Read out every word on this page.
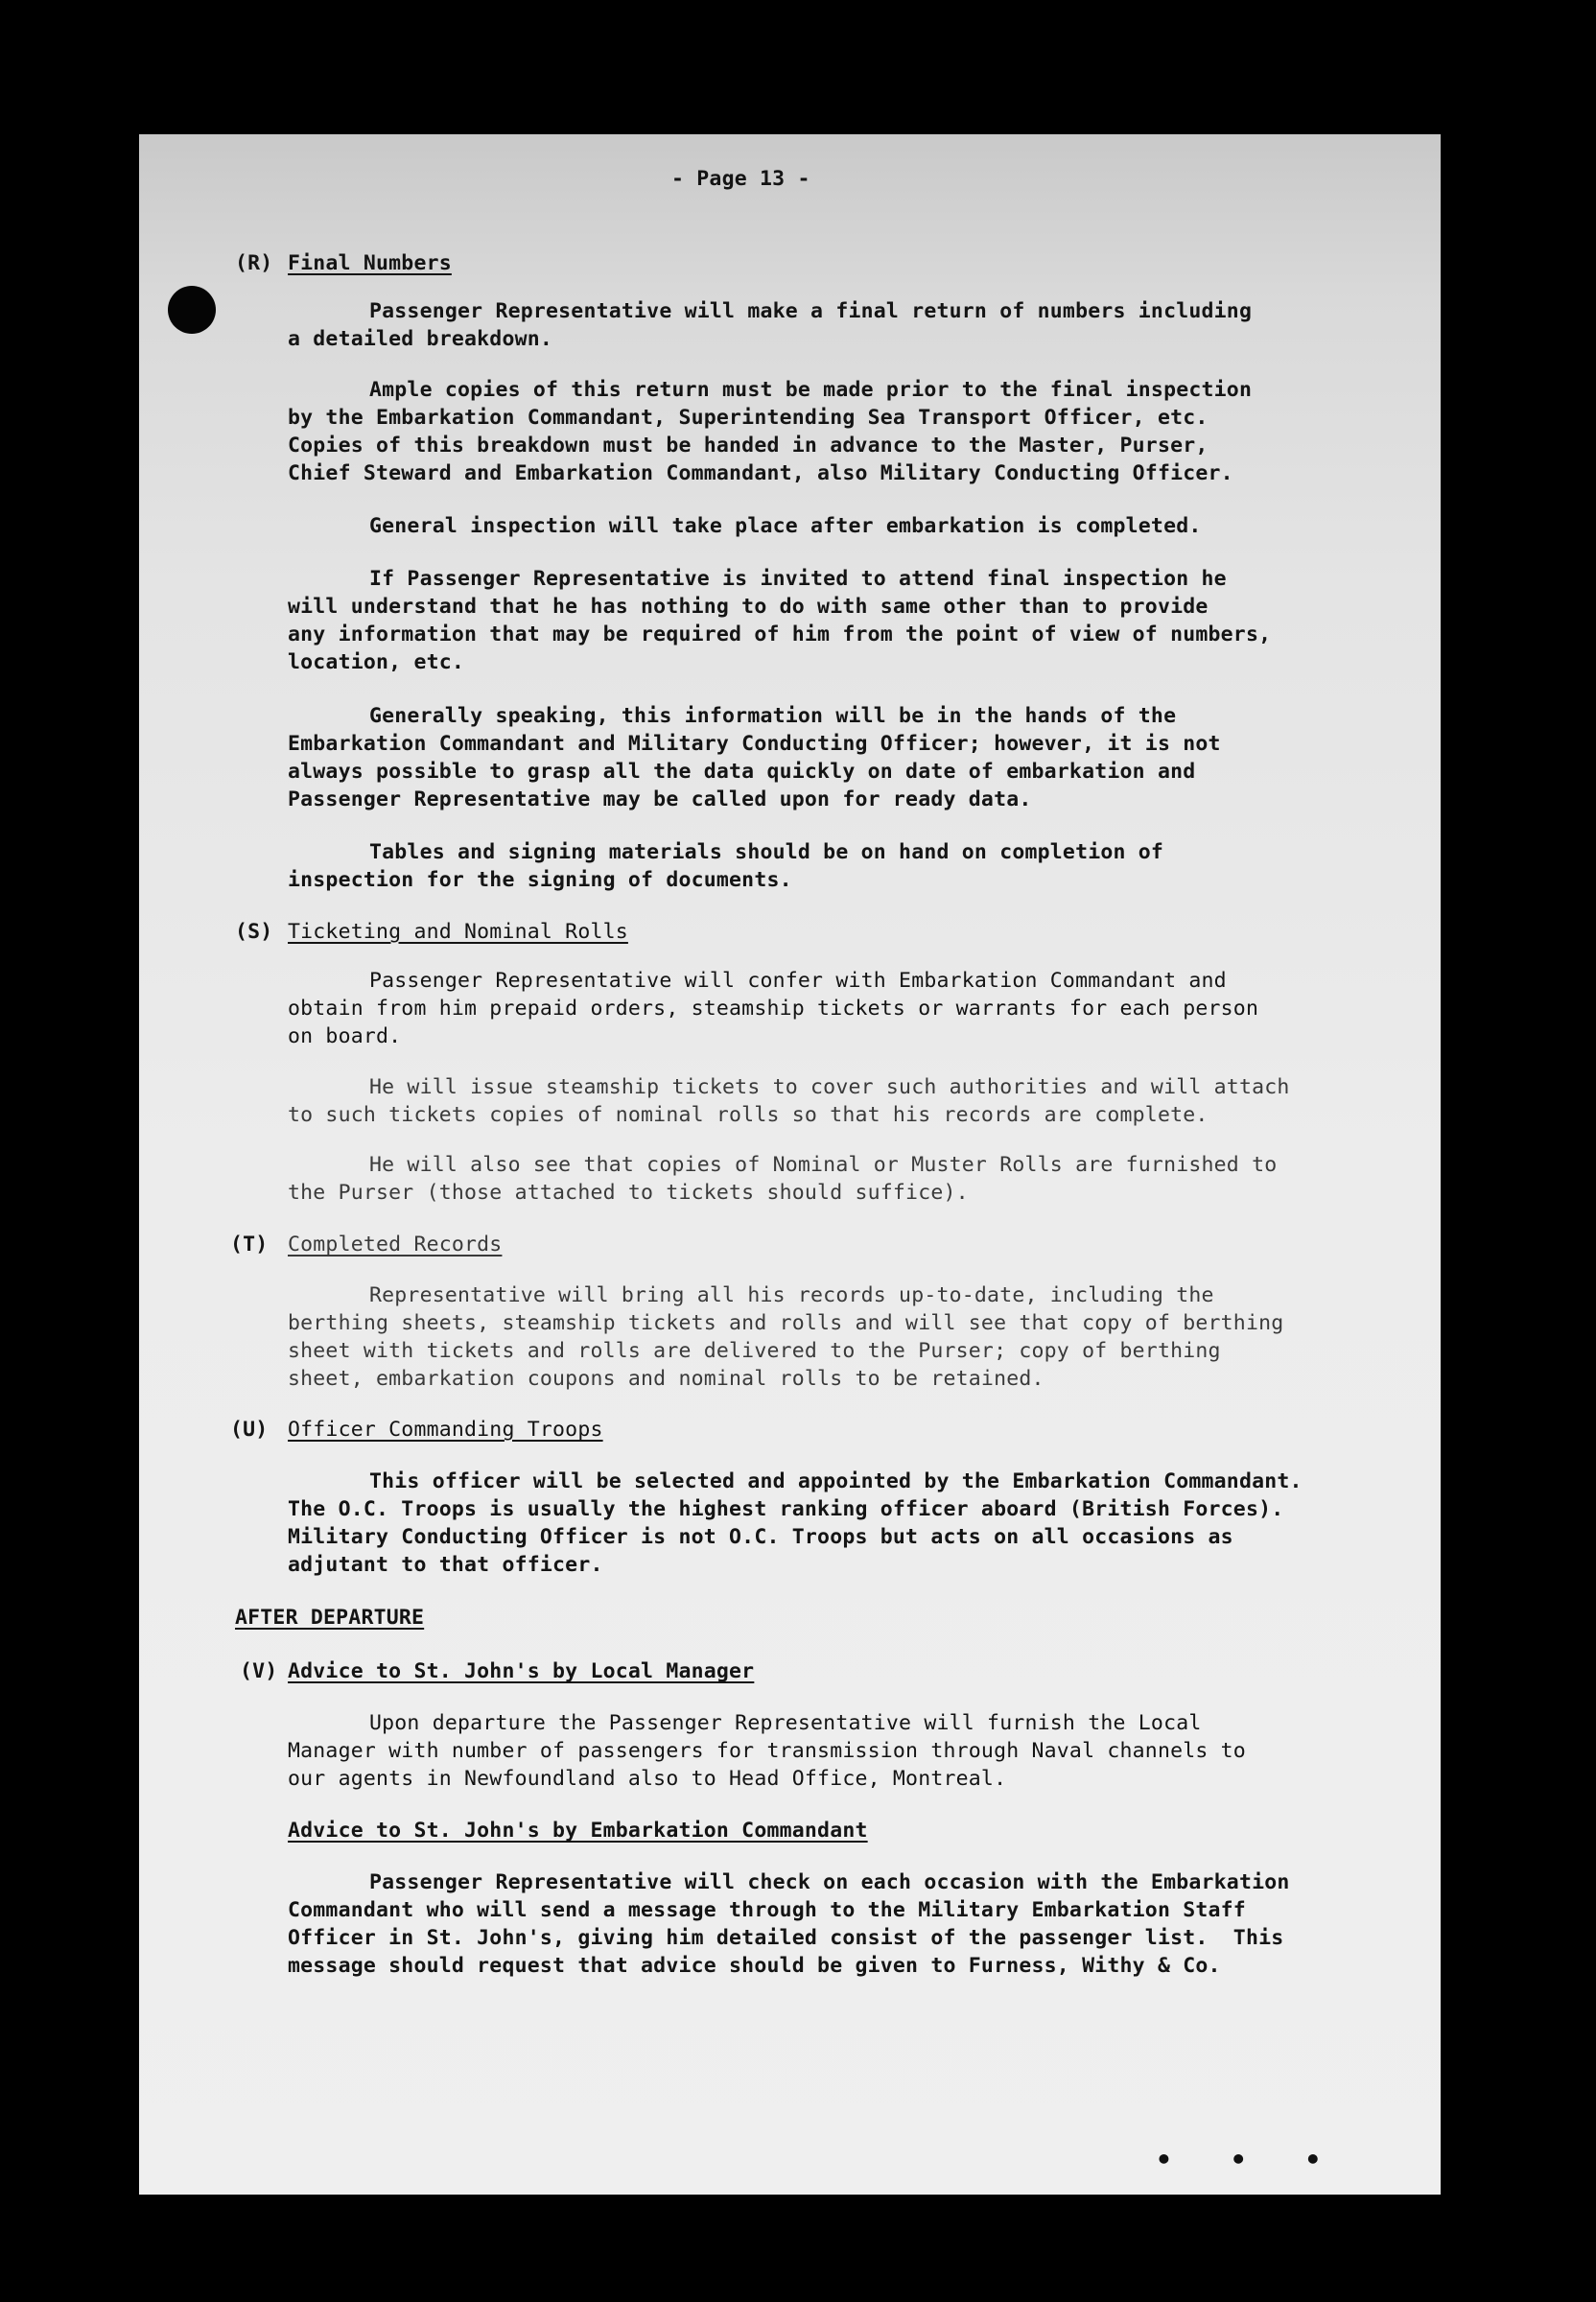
- Page 13 -
(R) Final Numbers
Passenger Representative will make a final return of numbers including
a detailed breakdown.
Ample copies of this return must be made prior to the final inspection
by the Embarkation Commandant, Superintending Sea Transport Officer, etc.
Copies of this breakdown must be handed in advance to the Master, Purser,
Chief Steward and Embarkation Commandant, also Military Conducting Officer.
General inspection will take place after embarkation is completed.
If Passenger Representative is invited to attend final inspection he
will understand that he has nothing to do with same other than to provide
any information that may be required of him from the point of view of numbers,
location, etc.
Generally speaking, this information will be in the hands of the
Embarkation Commandant and Military Conducting Officer; however, it is not
always possible to grasp all the data quickly on date of embarkation and
Passenger Representative may be called upon for ready data.
Tables and signing materials should be on hand on completion of
inspection for the signing of documents.
(S) Ticketing and Nominal Rolls
Passenger Representative will confer with Embarkation Commandant and
obtain from him prepaid orders, steamship tickets or warrants for each person
on board.
He will issue steamship tickets to cover such authorities and will attach
to such tickets copies of nominal rolls so that his records are complete.
He will also see that copies of Nominal or Muster Rolls are furnished to
the Purser (those attached to tickets should suffice).
(T) Completed Records
Representative will bring all his records up-to-date, including the
berthing sheets, steamship tickets and rolls and will see that copy of berthing
sheet with tickets and rolls are delivered to the Purser; copy of berthing
sheet, embarkation coupons and nominal rolls to be retained.
(U) Officer Commanding Troops
This officer will be selected and appointed by the Embarkation Commandant.
The O.C. Troops is usually the highest ranking officer aboard (British Forces).
Military Conducting Officer is not O.C. Troops but acts on all occasions as
adjutant to that officer.
AFTER DEPARTURE
(V) Advice to St. John's by Local Manager
Upon departure the Passenger Representative will furnish the Local
Manager with number of passengers for transmission through Naval channels to
our agents in Newfoundland also to Head Office, Montreal.
Advice to St. John's by Embarkation Commandant
Passenger Representative will check on each occasion with the Embarkation
Commandant who will send a message through to the Military Embarkation Staff
Officer in St. John's, giving him detailed consist of the passenger list.  This
message should request that advice should be given to Furness, Withy & Co.
• • •
